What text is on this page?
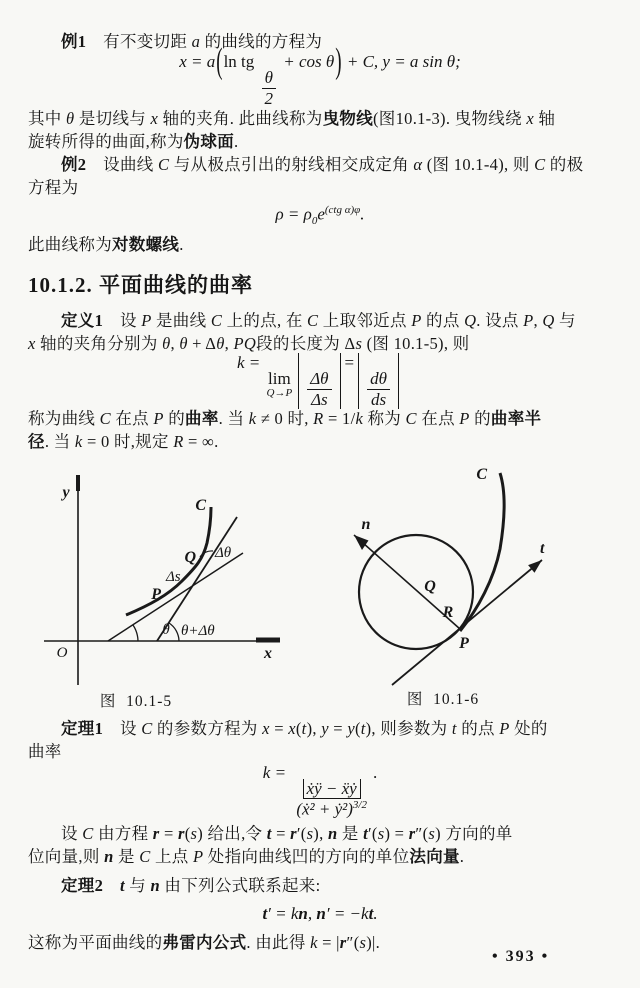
例1　有不变切距 a 的曲线的方程为
x = a(ln tg
$\frac{\theta}{2}$
+ cos θ) + C, y = a sin θ;
其中 θ 是切线与 x 轴的夹角. 此曲线称为曳物线(图10.1-3). 曳物线绕 x 轴
旋转所得的曲面,称为伪球面.
例2　设曲线 C 与从极点引出的射线相交成定角 α (图 10.1-4), 则 C 的极
方程为
$\rho = \rho_0e^{(ctg \alpha)\varphi}$.
此曲线称为对数螺线.
10.1.2. 平面曲线的曲率
定义1　设 P 是曲线 C 上的点, 在 C 上取邻近点 P 的点 Q. 设点 P, Q 与
x 轴的夹角分别为 θ, θ + Δθ, PQ段的长度为 Δs (图 10.1-5), 则
k =
lim
$Q\to P \frac{\Delta\theta}{\Delta s}$
=
$\frac{d\theta}{ds}$
称为曲线 C 在点 P 的曲率. 当 k ≠ 0 时, R = 1/k 称为 C 在点 P 的曲率半
径. 当 k = 0 时,规定 R = ∞.
y
x
O
C
P
Q
Δs
Δθ
θ θ+Δθ
图  10.1-5
n
t
C
Q
R
P
图  10.1-6
定理1　设 C 的参数方程为 x = x(t), y = y(t), 则参数为 t 的点 P 处的
曲率
k =
$\frac{\text{ẋÿ − ẍẏ}}{(ẋ^2 + ẏ^2)^{3/2}}$
.
设 C 由方程 r = r(s) 给出,令 t = r′(s), n 是 t′(s) = r″(s) 方向的单
位向量,则 n 是 C 上点 P 处指向曲线凹的方向的单位法向量.
定理2　 t 与 n 由下列公式联系起来:
t′ = kn, n′ = −kt.
这称为平面曲线的弗雷内公式. 由此得 k = |r″(s)|.
• 393 •
